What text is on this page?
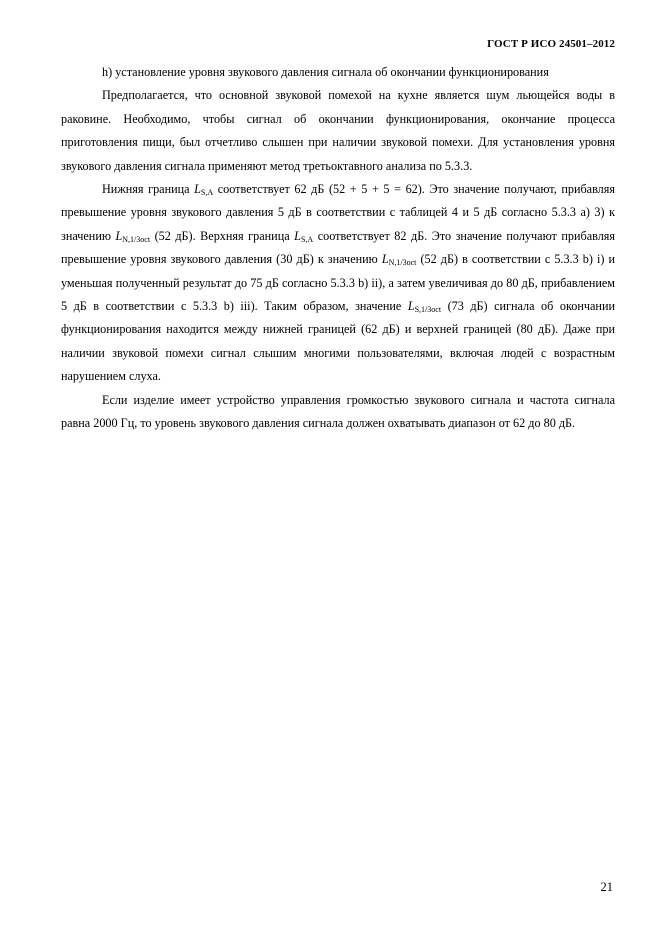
ГОСТ Р ИСО 24501–2012

h) установление уровня звукового давления сигнала об окончании функционирования

Предполагается, что основной звуковой помехой на кухне является шум льющейся воды в раковине. Необходимо, чтобы сигнал об окончании функционирования, окончание процесса приготовления пищи, был отчетливо слышен при наличии звуковой помехи. Для установления уровня звукового давления сигнала применяют метод третьоктавного анализа по 5.3.3.

Нижняя граница $L_{S,A}$ соответствует 62 дБ (52 + 5 + 5 = 62). Это значение получают, прибавляя превышение уровня звукового давления 5 дБ в соответствии с таблицей 4 и 5 дБ согласно 5.3.3 a) 3) к значению $L_{N,1/3oct}$ (52 дБ). Верхняя граница $L_{S,A}$ соответствует 82 дБ. Это значение получают прибавляя превышение уровня звукового давления (30 дБ) к значению $L_{N,1/3oct}$ (52 дБ) в соответствии с 5.3.3 b) i) и уменьшая полученный результат до 75 дБ согласно 5.3.3 b) ii), а затем увеличивая до 80 дБ, прибавлением 5 дБ в соответствии с 5.3.3 b) iii). Таким образом, значение $L_{S,1/3oct}$ (73 дБ) сигнала об окончании функционирования находится между нижней границей (62 дБ) и верхней границей (80 дБ). Даже при наличии звуковой помехи сигнал слышим многими пользователями, включая людей с возрастным нарушением слуха.

Если изделие имеет устройство управления громкостью звукового сигнала и частота сигнала равна 2000 Гц, то уровень звукового давления сигнала должен охватывать диапазон от 62 до 80 дБ.

21
